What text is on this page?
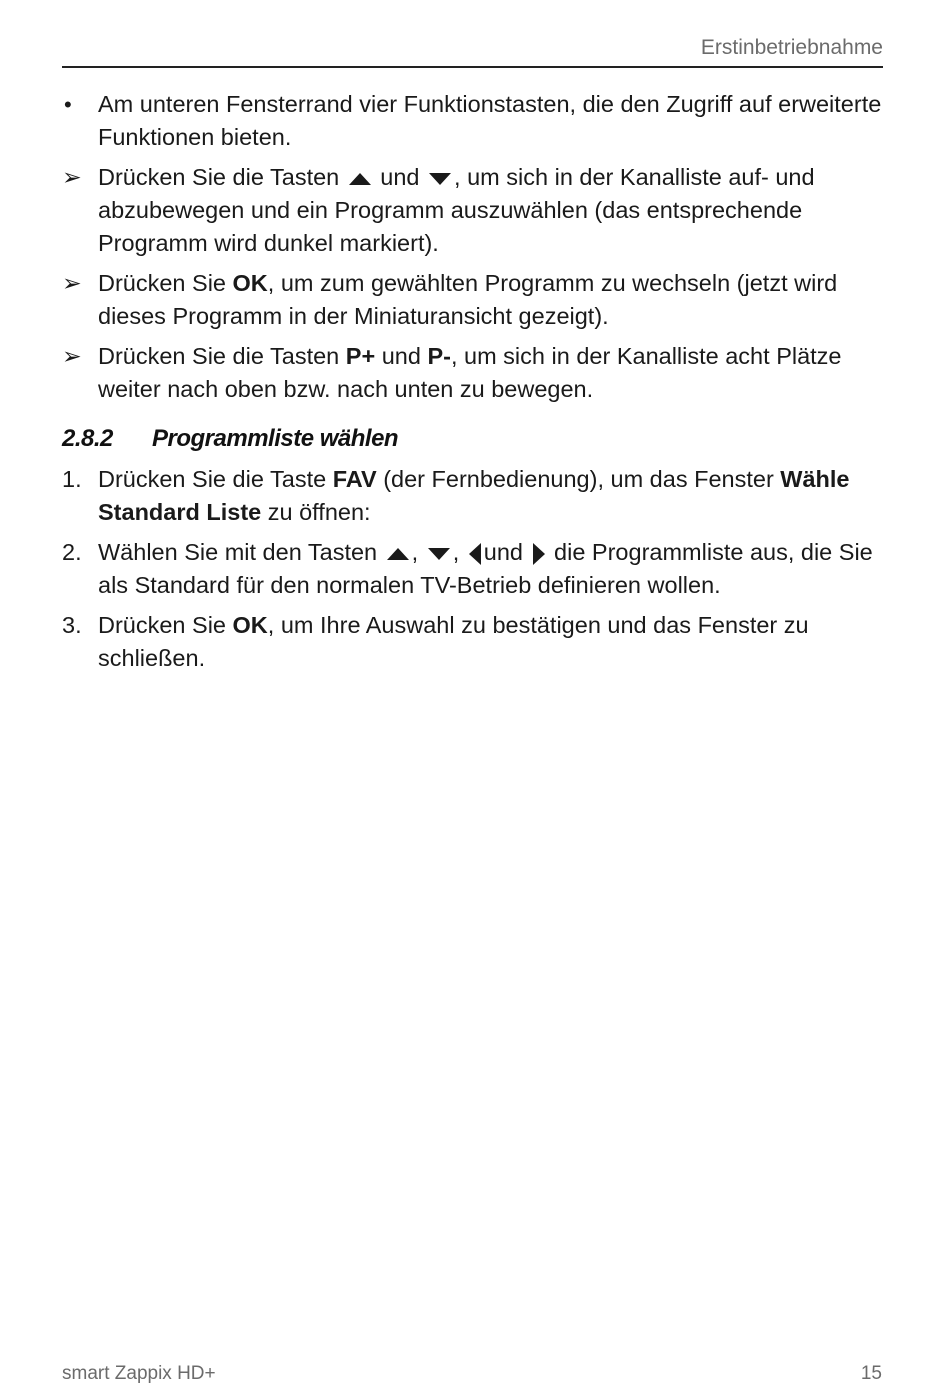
Erstinbetriebnahme
•	Am unteren Fensterrand vier Funktionstasten, die den Zugriff auf erweiterte Funktionen bieten.
➢ Drücken Sie die Tasten und , um sich in der Kanalliste auf- und abzubewegen und ein Programm auszuwählen (das entsprechende Programm wird dunkel markiert).
➢ Drücken Sie OK, um zum gewählten Programm zu wechseln (jetzt wird dieses Programm in der Miniaturansicht gezeigt).
➢ Drücken Sie die Tasten P+ und P-, um sich in der Kanalliste acht Plätze weiter nach oben bzw. nach unten zu bewegen.
2.8.2	Programmliste wählen
1. Drücken Sie die Taste FAV (der Fernbedienung), um das Fenster Wähle Standard Liste zu öffnen:
2. Wählen Sie mit den Tasten , , und die Programmliste aus, die Sie als Standard für den normalen TV-Betrieb definieren wollen.
3. Drücken Sie OK, um Ihre Auswahl zu bestätigen und das Fenster zu schließen.
smart Zappix HD+	15
